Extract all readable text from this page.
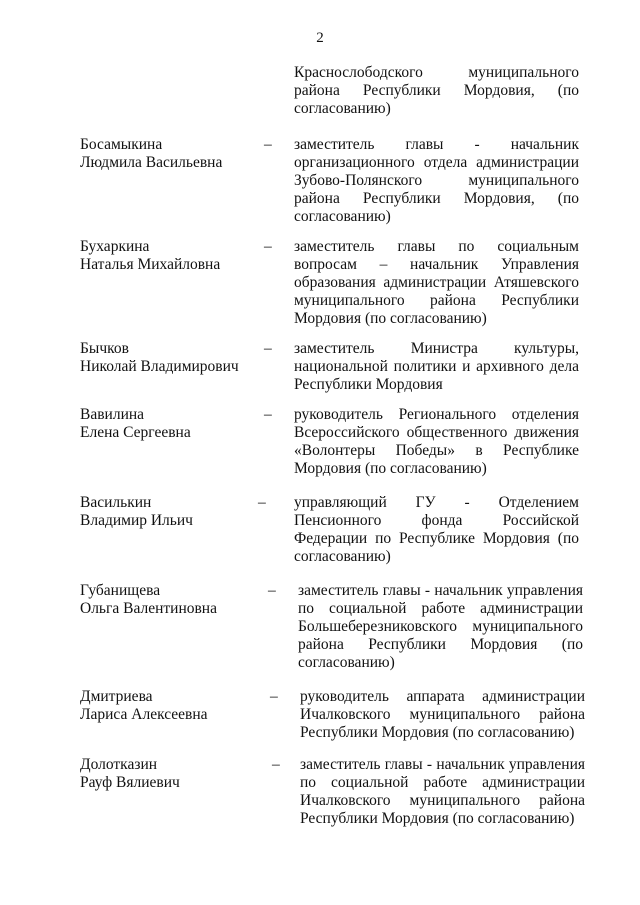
2
Краснослободского муниципального района Республики Мордовия, (по согласованию)
Босамыкина
Людмила Васильевна
– заместитель главы - начальник организационного отдела администрации Зубово-Полянского муниципального района Республики Мордовия, (по согласованию)
Бухаркина
Наталья Михайловна
– заместитель главы по социальным вопросам – начальник Управления образования администрации Атяшевского муниципального района Республики Мордовия (по согласованию)
Бычков
Николай Владимирович
– заместитель Министра культуры, национальной политики и архивного дела Республики Мордовия
Вавилина
Елена Сергеевна
– руководитель Регионального отделения Всероссийского общественного движения «Волонтеры Победы» в Республике Мордовия (по согласованию)
Василькин
Владимир Ильич
– управляющий ГУ - Отделением Пенсионного фонда Российской Федерации по Республике Мордовия (по согласованию)
Губанищева
Ольга Валентиновна
– заместитель главы - начальник управления по социальной работе администрации Большеберезниковского муниципального района Республики Мордовия (по согласованию)
Дмитриева
Лариса Алексеевна
– руководитель аппарата администрации Ичалковского муниципального района Республики Мордовия (по согласованию)
Долотказин
Рауф Вялиевич
– заместитель главы - начальник управления по социальной работе администрации Ичалковского муниципального района Республики Мордовия (по согласованию)
